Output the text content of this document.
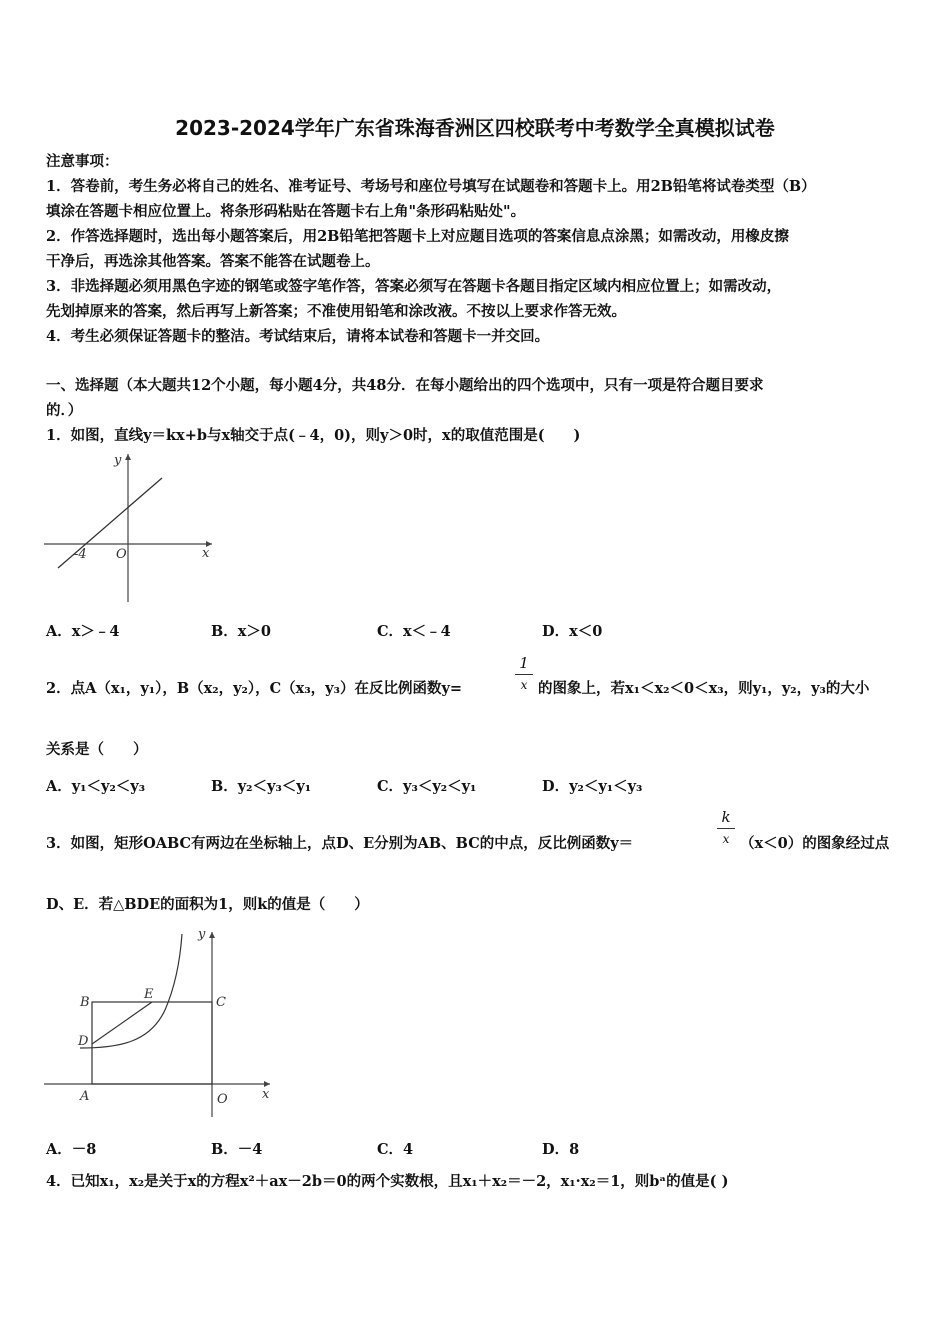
2023-2024学年广东省珠海香洲区四校联考中考数学全真模拟试卷
注意事项：
1．答卷前，考生务必将自己的姓名、准考证号、考场号和座位号填写在试题卷和答题卡上。用2B铅笔将试卷类型（B）
填涂在答题卡相应位置上。将条形码粘贴在答题卡右上角"条形码粘贴处"。
2．作答选择题时，选出每小题答案后，用2B铅笔把答题卡上对应题目选项的答案信息点涂黑；如需改动，用橡皮擦
干净后，再选涂其他答案。答案不能答在试题卷上。
3．非选择题必须用黑色字迹的钢笔或签字笔作答，答案必须写在答题卡各题目指定区域内相应位置上；如需改动，
先划掉原来的答案，然后再写上新答案；不准使用铅笔和涂改液。不按以上要求作答无效。
4．考生必须保证答题卡的整洁。考试结束后，请将本试卷和答题卡一并交回。
一、选择题（本大题共12个小题，每小题4分，共48分．在每小题给出的四个选项中，只有一项是符合题目要求
的．）
1．如图，直线y＝kx+b与x轴交于点(﹣4，0)，则y＞0时，x的取值范围是(　　)
y
x
O
-4
A．x＞﹣4	B．x＞0	C．x＜﹣4	D．x＜0
2．点A（x₁，y₁），B（x₂，y₂），C（x₃，y₃）在反比例函数y=
1
x 的图象上，若x₁＜x₂＜0＜x₃，则y₁，y₂，y₃的大小
关系是（　　）
A．y₁＜y₂＜y₃	B．y₂＜y₃＜y₁	C．y₃＜y₂＜y₁	D．y₂＜y₁＜y₃
3．如图，矩形OABC有两边在坐标轴上，点D、E分别为AB、BC的中点，反比例函数y＝
k
x （x＜0）的图象经过点
D、E．若△BDE的面积为1，则k的值是（　　）
y
x
O
A
B	C
D
E
A．－8	B．－4	C．4	D．8
4．已知x₁，x₂是关于x的方程x²＋ax－2b＝0的两个实数根，且x₁＋x₂＝－2，x₁·x₂＝1，则bᵃ的值是( )
